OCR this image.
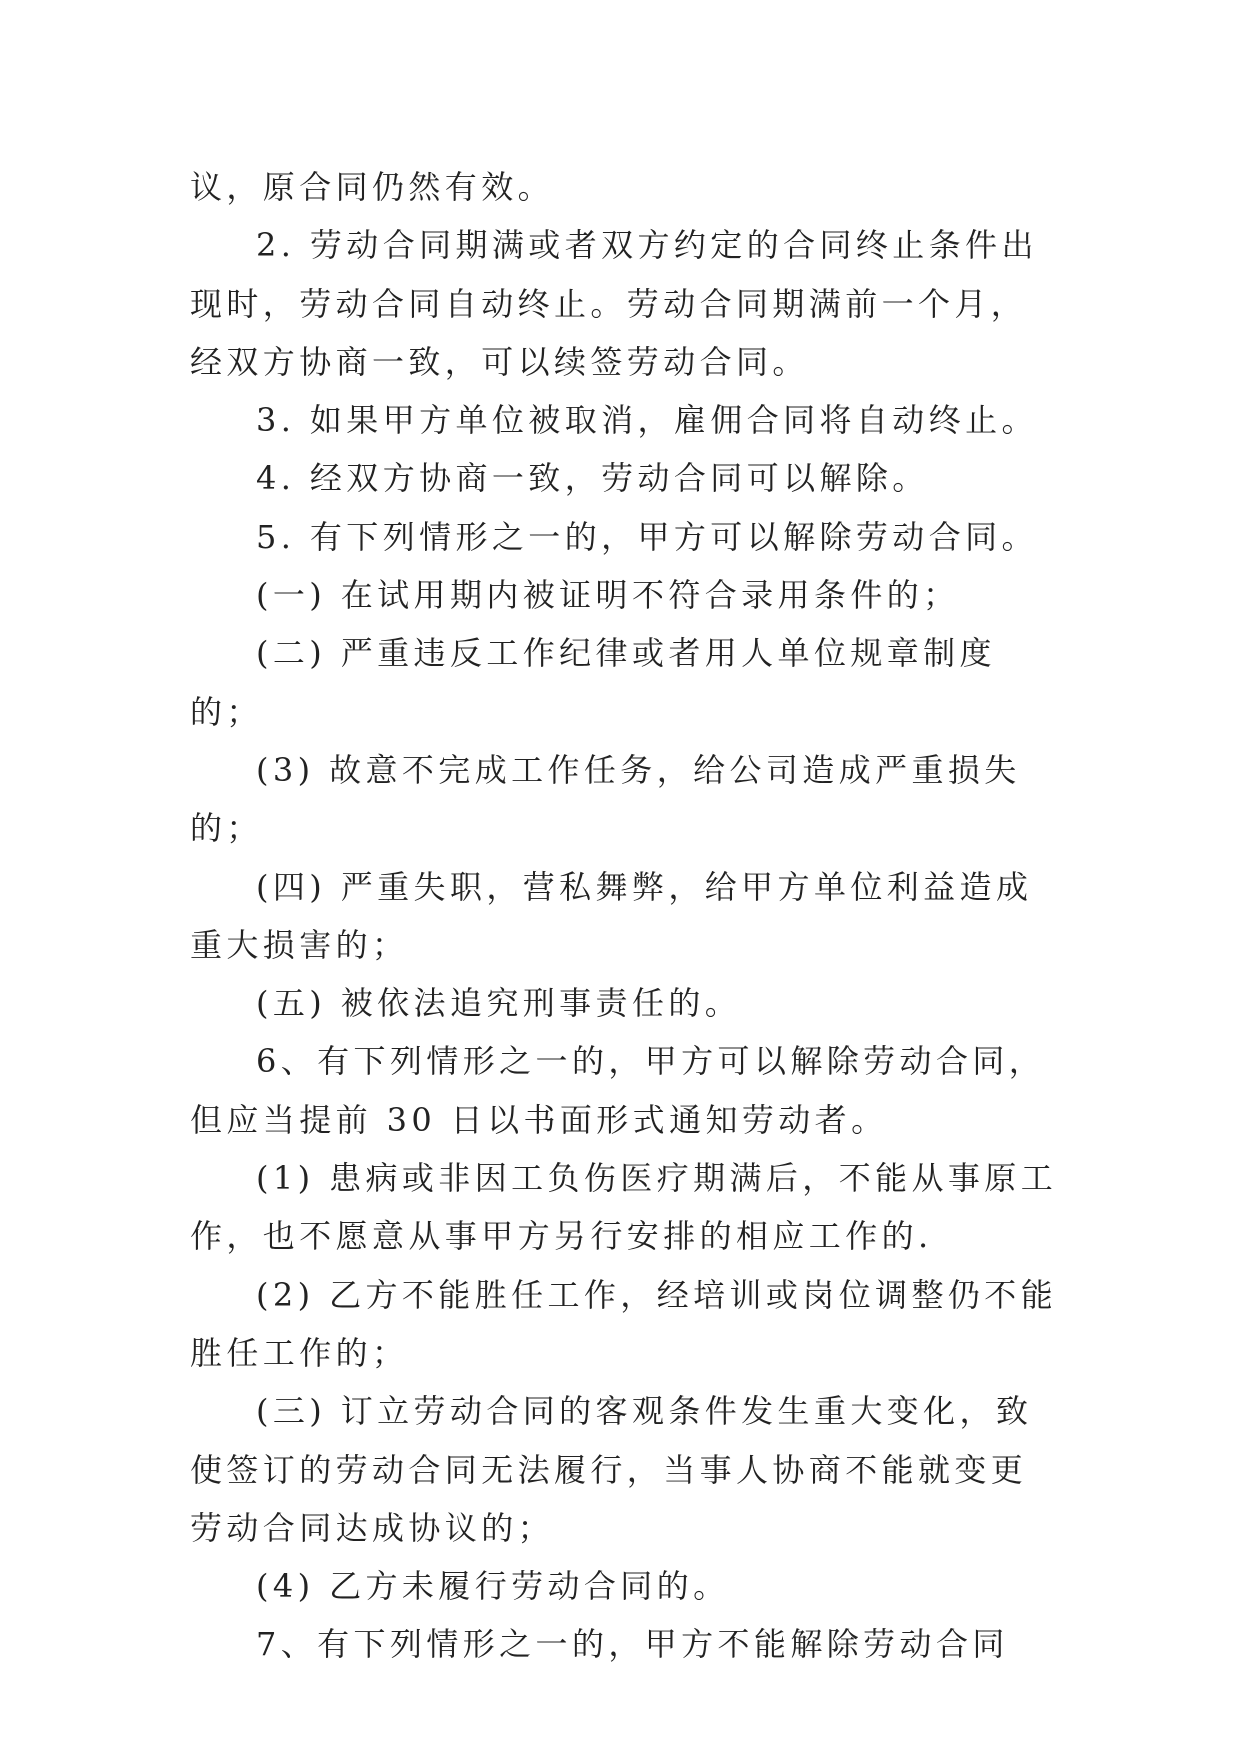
议，原合同仍然有效。

2. 劳动合同期满或者双方约定的合同终止条件出现时，劳动合同自动终止。劳动合同期满前一个月，经双方协商一致，可以续签劳动合同。

3. 如果甲方单位被取消，雇佣合同将自动终止。

4. 经双方协商一致，劳动合同可以解除。

5. 有下列情形之一的，甲方可以解除劳动合同。

(一) 在试用期内被证明不符合录用条件的；

(二) 严重违反工作纪律或者用人单位规章制度的；

(3) 故意不完成工作任务，给公司造成严重损失的；

(四) 严重失职，营私舞弊，给甲方单位利益造成重大损害的；

(五) 被依法追究刑事责任的。

6、有下列情形之一的，甲方可以解除劳动合同，但应当提前 30 日以书面形式通知劳动者。

(1) 患病或非因工负伤医疗期满后，不能从事原工作，也不愿意从事甲方另行安排的相应工作的.

(2) 乙方不能胜任工作，经培训或岗位调整仍不能胜任工作的；

(三) 订立劳动合同的客观条件发生重大变化，致使签订的劳动合同无法履行，当事人协商不能就变更劳动合同达成协议的；

(4) 乙方未履行劳动合同的。

7、有下列情形之一的，甲方不能解除劳动合同
